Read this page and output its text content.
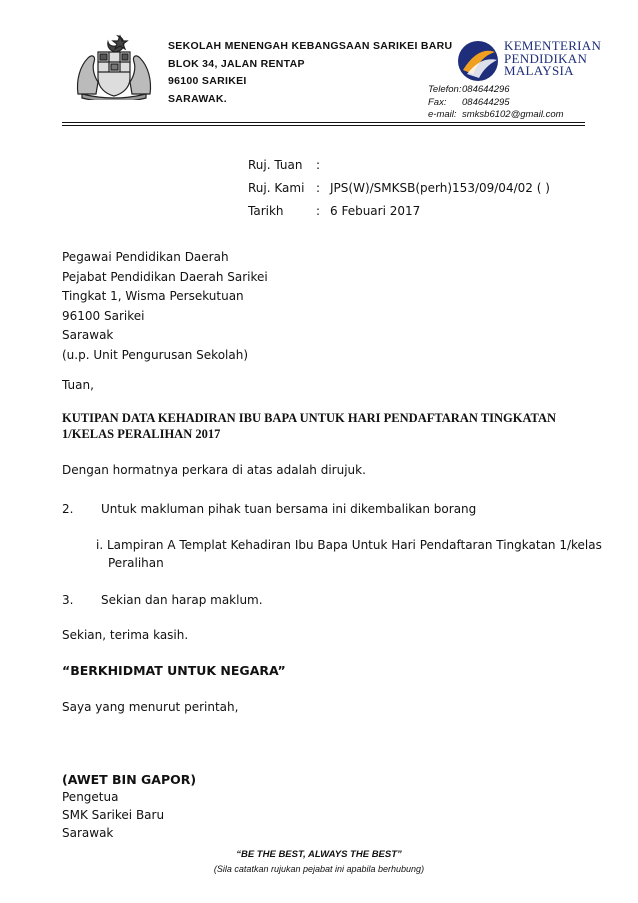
SEKOLAH MENENGAH KEBANGSAAN SARIKEI BARU
BLOK 34, JALAN RENTAP
96100 SARIKEI
SARAWAK.
KEMENTERIAN
PENDIDIKAN
MALAYSIA
Telefon: 084644296
Fax:	084644295
e-mail: smksb6102@gmail.com
Ruj. Tuan :
Ruj. Kami : JPS(W)/SMKSB(perh)153/09/04/02 ( )
Tarikh	: 6 Febuari 2017
Pegawai Pendidikan Daerah
Pejabat Pendidikan Daerah Sarikei
Tingkat 1, Wisma Persekutuan
96100 Sarikei
Sarawak
(u.p. Unit Pengurusan Sekolah)
Tuan,
KUTIPAN DATA KEHADIRAN IBU BAPA UNTUK HARI PENDAFTARAN TINGKATAN
1/KELAS PERALIHAN 2017
Dengan hormatnya perkara di atas adalah dirujuk.
2. Untuk makluman pihak tuan bersama ini dikembalikan borang
i. Lampiran A Templat Kehadiran Ibu Bapa Untuk Hari Pendaftaran Tingkatan 1/kelas
Peralihan
3. Sekian dan harap maklum.
Sekian, terima kasih.
“BERKHIDMAT UNTUK NEGARA”
Saya yang menurut perintah,
(AWET BIN GAPOR)
Pengetua
SMK Sarikei Baru
Sarawak
“BE THE BEST, ALWAYS THE BEST”
(Sila catatkan rujukan pejabat ini apabila berhubung)
